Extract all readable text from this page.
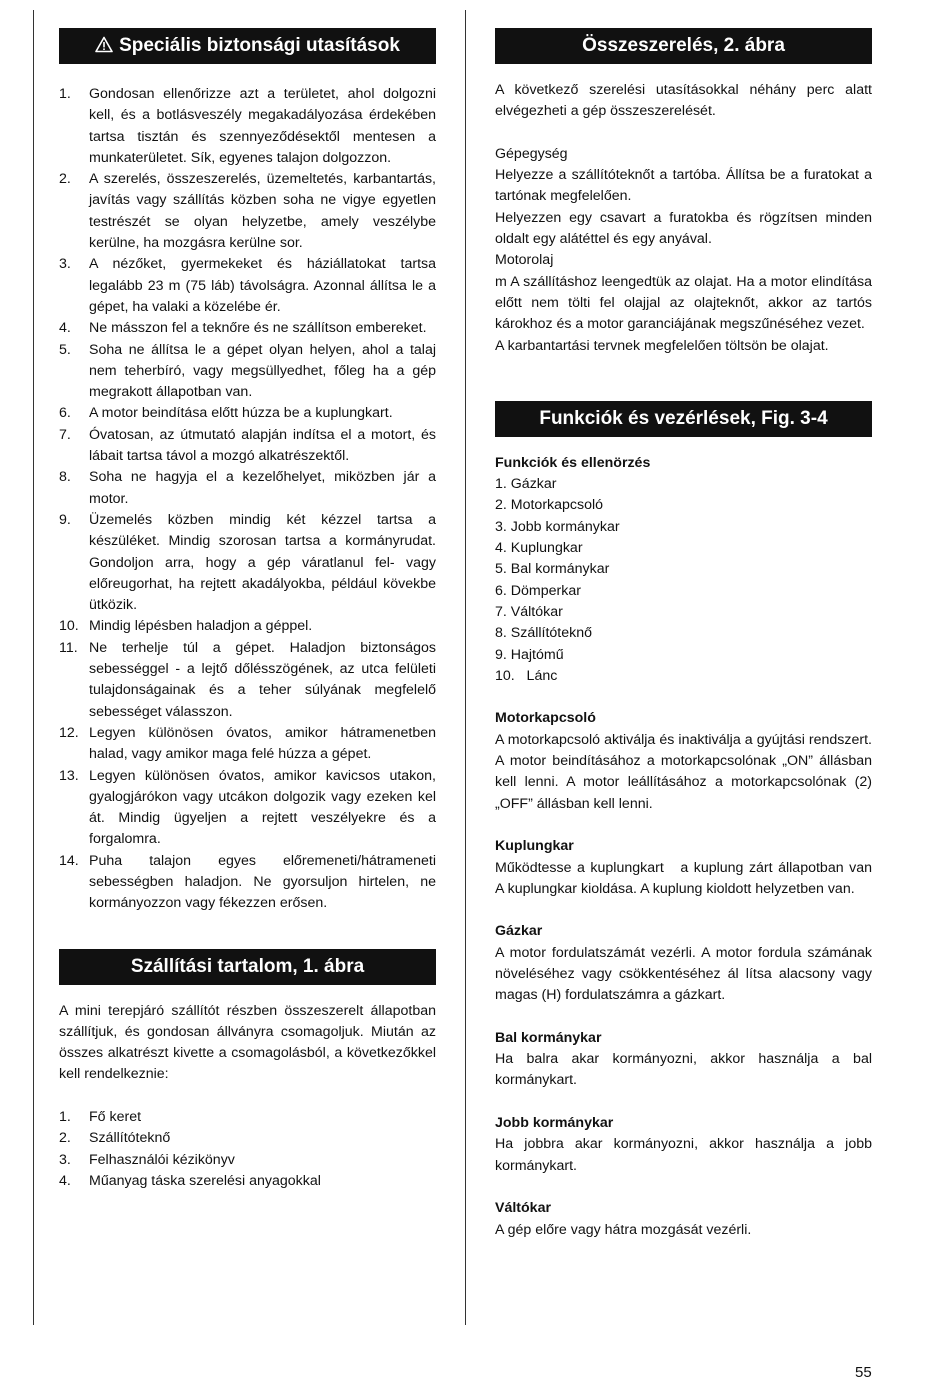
Speciális biztonsági utasítások
1. Gondosan ellenőrizze azt a területet, ahol dolgozni kell, és a botlásveszély megakadályozása érdekében tartsa tisztán és szennyeződésektől mentesen a munkaterületet. Sík, egyenes talajon dolgozzon.
2. A szerelés, összeszerelés, üzemeltetés, karbantartás, javítás vagy szállítás közben soha ne vigye egyetlen testrészét se olyan helyzetbe, amely veszélybe kerülne, ha mozgásra kerülne sor.
3. A nézőket, gyermekeket és háziállatokat tartsa legalább 23 m (75 láb) távolságra. Azonnal állítsa le a gépet, ha valaki a közelébe ér.
4. Ne másszon fel a teknőre és ne szállítson embereket.
5. Soha ne állítsa le a gépet olyan helyen, ahol a talaj nem teherbíró, vagy megsüllyedhet, főleg ha a gép megrakott állapotban van.
6. A motor beindítása előtt húzza be a kuplungkart.
7. Óvatosan, az útmutató alapján indítsa el a motort, és lábait tartsa távol a mozgó alkatrészektől.
8. Soha ne hagyja el a kezelőhelyet, miközben jár a motor.
9. Üzemelés közben mindig két kézzel tartsa a készüléket. Mindig szorosan tartsa a kormányrudat. Gondoljon arra, hogy a gép váratlanul fel- vagy előreugorhat, ha rejtett akadályokba, például kövekbe ütközik.
10. Mindig lépésben haladjon a géppel.
11. Ne terhelje túl a gépet. Haladjon biztonságos sebességgel - a lejtő dőlésszögének, az utca felületi tulajdonságainak és a teher súlyának megfelelő sebességet válasszon.
12. Legyen különösen óvatos, amikor hátramenetben halad, vagy amikor maga felé húzza a gépet.
13. Legyen különösen óvatos, amikor kavicsos utakon, gyalogjárókon vagy utcákon dolgozik vagy ezeken kel át. Mindig ügyeljen a rejtett veszélyekre és a forgalomra.
14. Puha talajon egyes előremeneti/hátrameneti sebességben haladjon. Ne gyorsuljon hirtelen, ne kormányozzon vagy fékezzen erősen.
Szállítási tartalom, 1. ábra

A mini terepjáró szállítót részben összeszerelt állapotban szállítjuk, és gondosan állványra csomagoljuk. Miután az összes alkatrészt kivette a csomagolásból, a következőkkel kell rendelkeznie:

1. Fő keret
2. Szállítóteknő
3. Felhasználói kézikönyv
4. Műanyag táska szerelési anyagokkal
Összeszerelés, 2. ábra

A következő szerelési utasításokkal néhány perc alatt elvégezheti a gép összeszerelését.

Gépegység

Helyezze a szállítóteknőt a tartóba. Állítsa be a furatokat a tartónak megfelelően.

Helyezzen egy csavart a furatokba és rögzítsen minden oldalt egy alátéttel és egy anyával.

Motorolaj

m A szállításhoz leengedtük az olajat. Ha a motor elindítása előtt nem tölti fel olajjal az olajteknőt, akkor az tartós károkhoz és a motor garanciájának megszűnéséhez vezet.

A karbantartási tervnek megfelelően töltsön be olajat.

Funkciók és vezérlések, Fig. 3-4

Funkciók és ellenörzés

1. Gázkar
2. Motorkapcsoló
3. Jobb kormánykar
4. Kuplungkar
5. Bal kormánykar
6. Dömperkar
7. Váltókar
8. Szállítóteknő
9. Hajtómű
10.   Lánc

Motorkapcsoló

A motorkapcsoló aktiválja és inaktiválja a gyújtási rendszert. A motor beindításához a motorkapcsolónak „ON” állásban kell lenni. A motor leállításához a motorkapcsolónak (2) „OFF” állásban kell lenni.

Kuplungkar

Működtesse a kuplungkart   a kuplung zárt állapotban van   A kuplungkar kioldása. A kuplung kioldott helyzetben van.

Gázkar

A motor fordulatszámát vezérli. A motor fordula számának növeléséhez vagy csökkentéséhez ál lítsa alacsony vagy magas (H) fordulatszámra a gázkart.

Bal kormánykar

Ha balra akar kormányozni, akkor használja a bal kormánykart.

Jobb kormánykar

Ha jobbra akar kormányozni, akkor használja a jobb kormánykart.

Váltókar

A gép előre vagy hátra mozgását vezérli.

55
